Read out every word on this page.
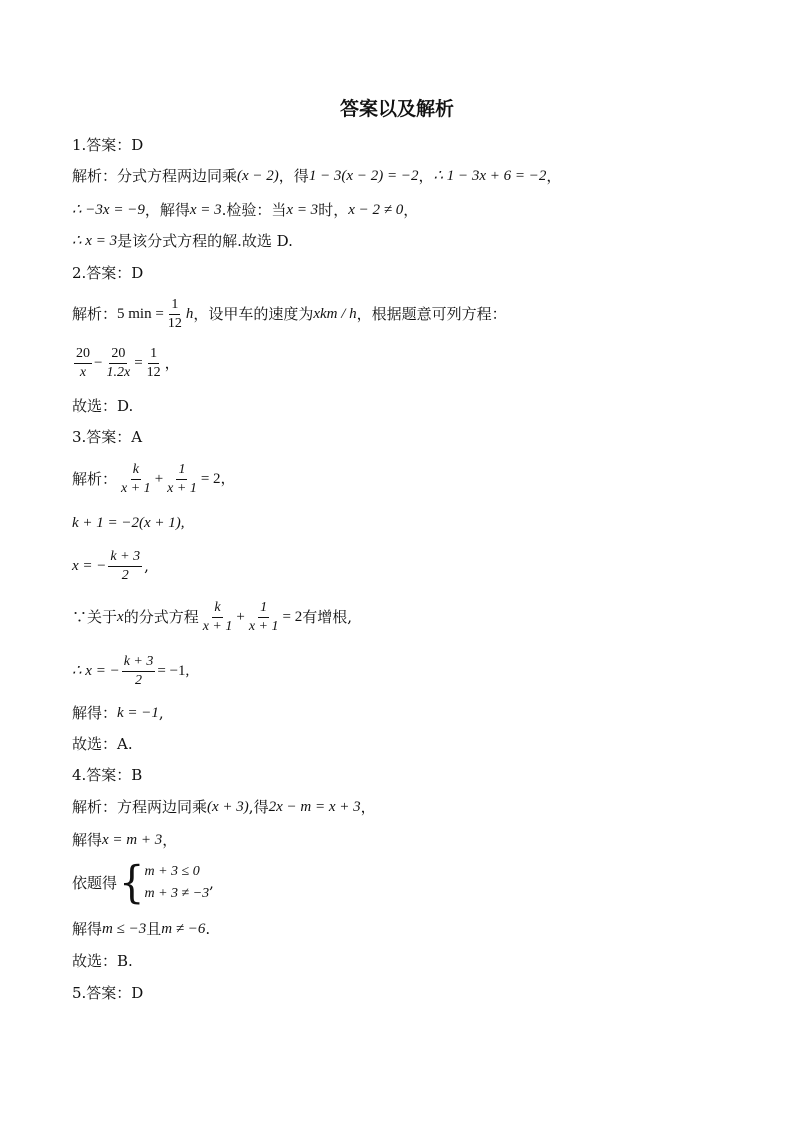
答案以及解析
1.答案：D
解析：分式方程两边同乘 (x − 2) ，得 1 − 3(x − 2) = −2 ， ∴ 1 − 3x + 6 = −2 ，
∴ −3x = −9 ，解得 x = 3 .检验：当 x = 3 时， x − 2 ≠ 0 ，
∴ x = 3 是该分式方程的解.故选 D.
2.答案：D
解析： 5 $\min = \frac{1}{12}$ h ，设甲车的速度为 xkm / h ，根据题意可列方程：
$\frac{20}{x} - \frac{20}{1.2x} = \frac{1}{12}$ ，
故选：D.
3.答案：A
解析： $\frac{k}{x + 1} + \frac{1}{x + 1} = 2$，
k + 1 = −2(x + 1),
x = − $\frac{k + 3}{2}$ ,
∵关于 x 的分式方程 $\frac{k}{x + 1} + \frac{1}{x + 1} = 2$ 有增根,
∴ x = − $\frac{k + 3}{2} = -1$,
解得： k = −1 ,
故选：A.
4.答案：B
解析：方程两边同乘 (x + 3) ,得 2x − m = x + 3 ，
解得 x = m + 3 ，
依题得 { m + 3 ≤ 0
m + 3 ≠ −3
,
解得 m ≤ −3 且 m ≠ −6 .
故选：B.
5.答案：D
